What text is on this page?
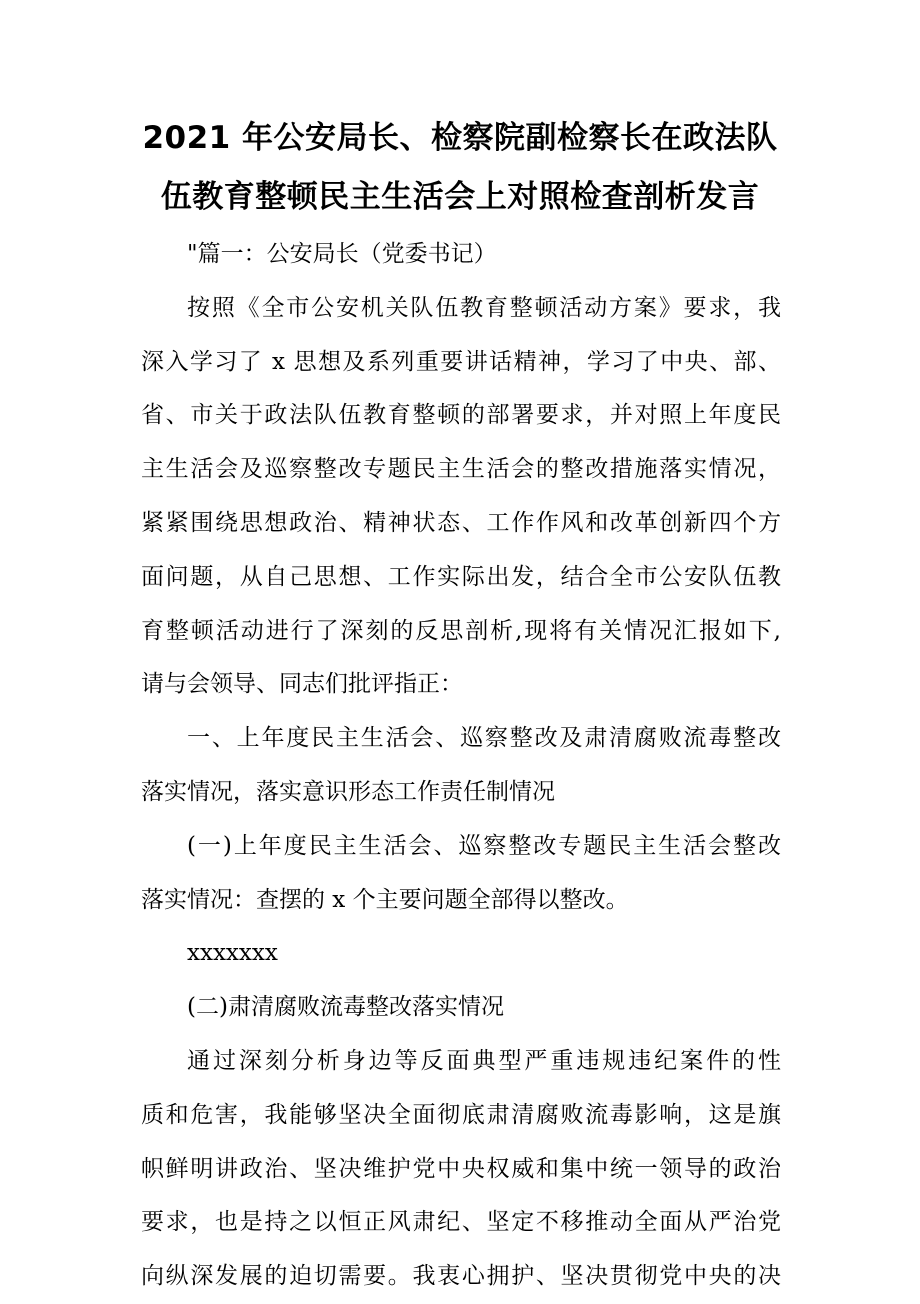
2021 年公安局长、检察院副检察长在政法队
伍教育整顿民主生活会上对照检查剖析发言
"篇一：公安局长（党委书记）
按照《全市公安机关队伍教育整顿活动方案》要求，我
深入学习了 x 思想及系列重要讲话精神，学习了中央、部、
省、市关于政法队伍教育整顿的部署要求，并对照上年度民
主生活会及巡察整改专题民主生活会的整改措施落实情况，
紧紧围绕思想政治、精神状态、工作作风和改革创新四个方
面问题，从自己思想、工作实际出发，结合全市公安队伍教
育整顿活动进行了深刻的反思剖析,现将有关情况汇报如下,
请与会领导、同志们批评指正：
一、上年度民主生活会、巡察整改及肃清腐败流毒整改
落实情况，落实意识形态工作责任制情况
(一)上年度民主生活会、巡察整改专题民主生活会整改
落实情况：查摆的 x 个主要问题全部得以整改。
xxxxxxx
(二)肃清腐败流毒整改落实情况
通过深刻分析身边等反面典型严重违规违纪案件的性
质和危害，我能够坚决全面彻底肃清腐败流毒影响，这是旗
帜鲜明讲政治、坚决维护党中央权威和集中统一领导的政治
要求，也是持之以恒正风肃纪、坚定不移推动全面从严治党
向纵深发展的迫切需要。我衷心拥护、坚决贯彻党中央的决
